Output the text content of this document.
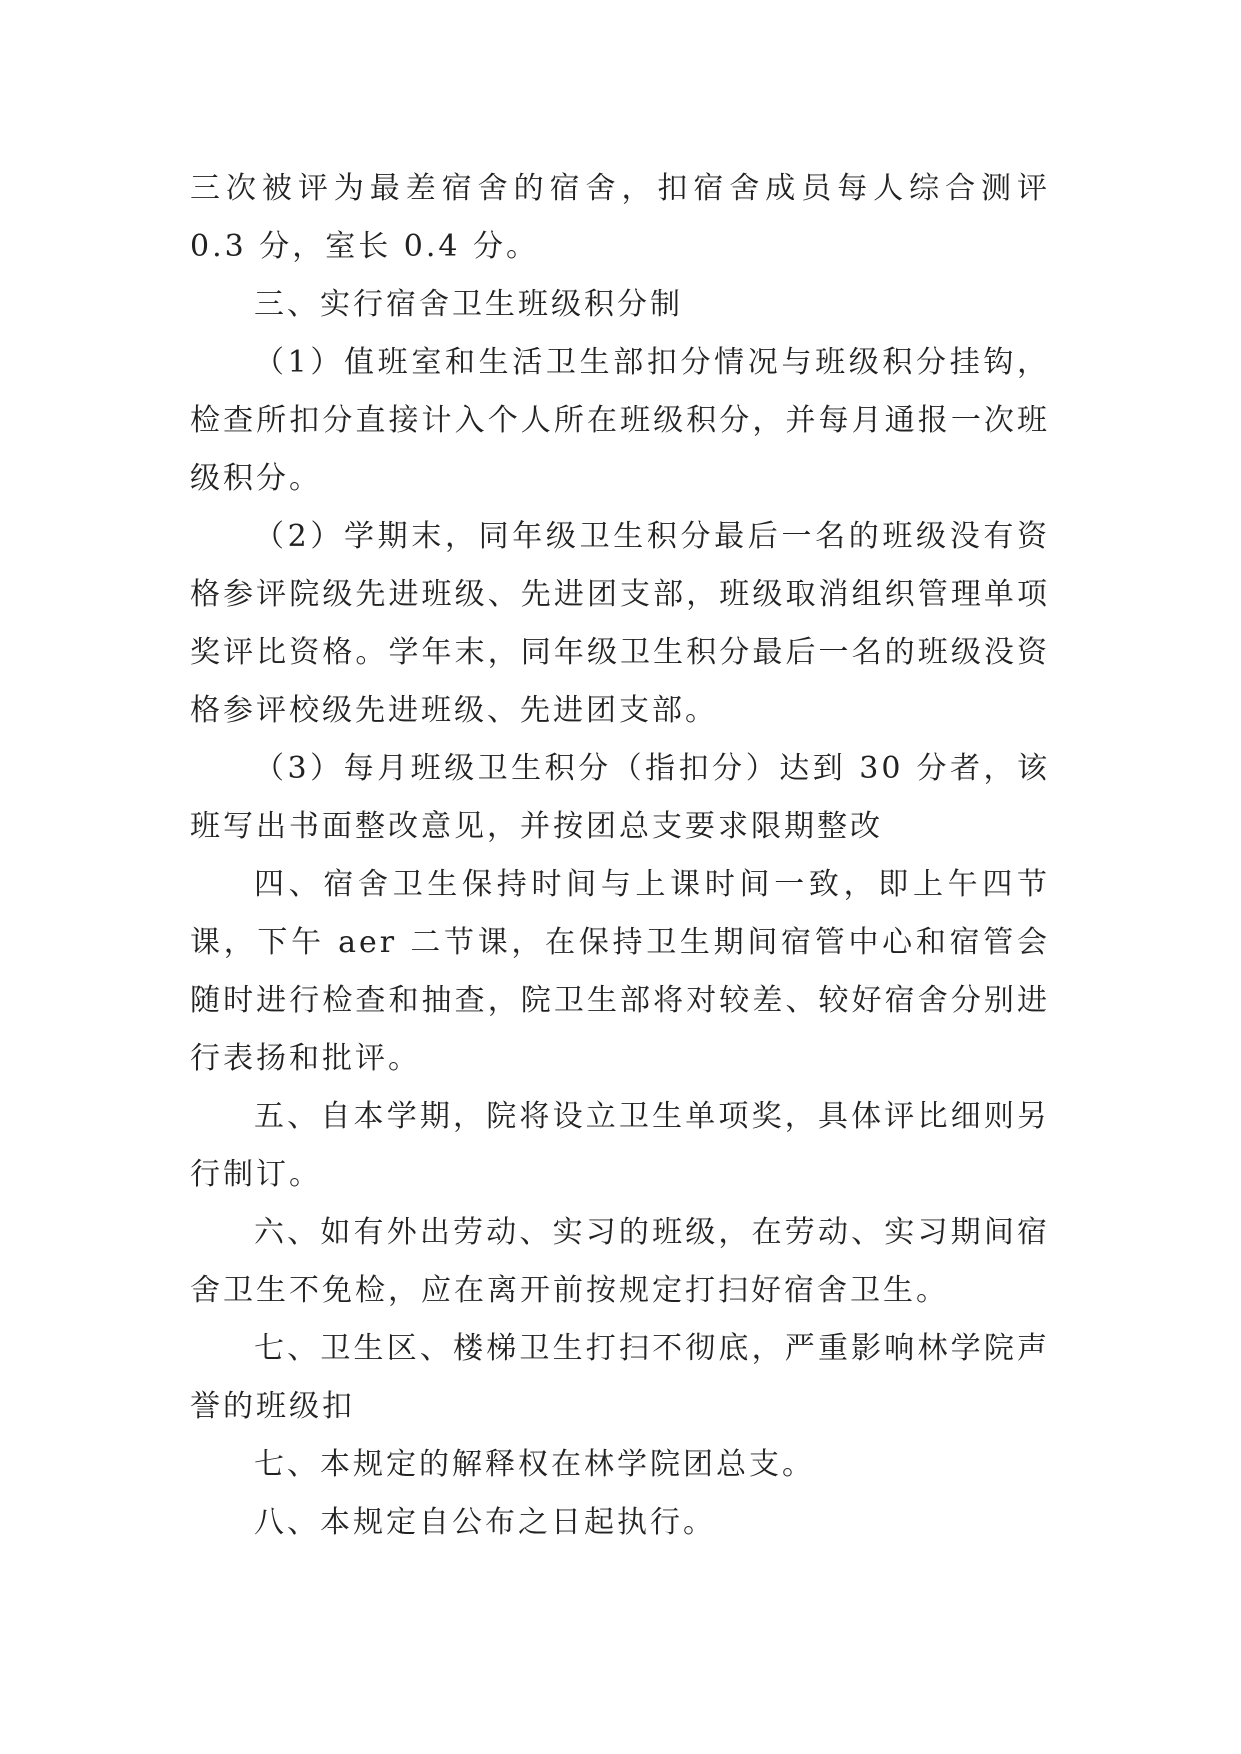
三次被评为最差宿舍的宿舍，扣宿舍成员每人综合测评 0.3 分，室长 0.4 分。

三、实行宿舍卫生班级积分制

（1）值班室和生活卫生部扣分情况与班级积分挂钩，检查所扣分直接计入个人所在班级积分，并每月通报一次班级积分。

（2）学期末，同年级卫生积分最后一名的班级没有资格参评院级先进班级、先进团支部，班级取消组织管理单项奖评比资格。学年末，同年级卫生积分最后一名的班级没资格参评校级先进班级、先进团支部。

（3）每月班级卫生积分（指扣分）达到 30 分者，该班写出书面整改意见，并按团总支要求限期整改

四、宿舍卫生保持时间与上课时间一致，即上午四节课，下午 aer 二节课，在保持卫生期间宿管中心和宿管会随时进行检查和抽查，院卫生部将对较差、较好宿舍分别进行表扬和批评。

五、自本学期，院将设立卫生单项奖，具体评比细则另行制订。

六、如有外出劳动、实习的班级，在劳动、实习期间宿舍卫生不免检，应在离开前按规定打扫好宿舍卫生。

七、卫生区、楼梯卫生打扫不彻底，严重影响林学院声誉的班级扣

七、本规定的解释权在林学院团总支。

八、本规定自公布之日起执行。
